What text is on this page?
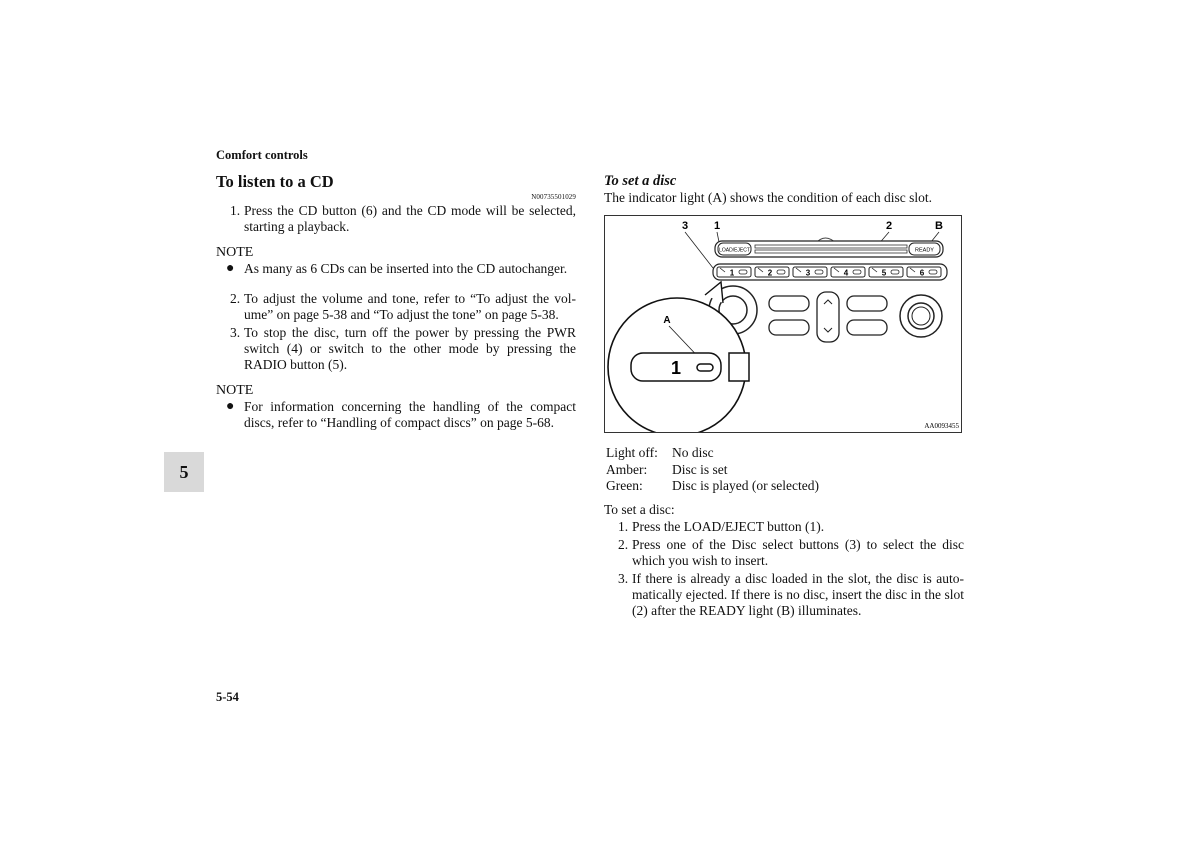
Comfort controls
To listen to a CD
N00735501029
1. Press the CD button (6) and the CD mode will be selected, starting a playback.
NOTE
● As many as 6 CDs can be inserted into the CD autochanger.
2. To adjust the volume and tone, refer to “To adjust the vol-ume” on page 5-38 and “To adjust the tone” on page 5-38.
3. To stop the disc, turn off the power by pressing the PWR switch (4) or switch to the other mode by pressing the RADIO button (5).
NOTE
● For information concerning the handling of the compact discs, refer to “Handling of compact discs” on page 5-68.
5
5-54
To set a disc
The indicator light (A) shows the condition of each disc slot.
3 1	2	B
LOAD/EJECT	READY
1	2	3	4	5	6
A
1
AA0093455
Light off:	No disc
Amber:	Disc is set
Green:	Disc is played (or selected)
To set a disc:
1. Press the LOAD/EJECT button (1).
2. Press one of the Disc select buttons (3) to select the disc which you wish to insert.
3. If there is already a disc loaded in the slot, the disc is auto-matically ejected. If there is no disc, insert the disc in the slot (2) after the READY light (B) illuminates.
